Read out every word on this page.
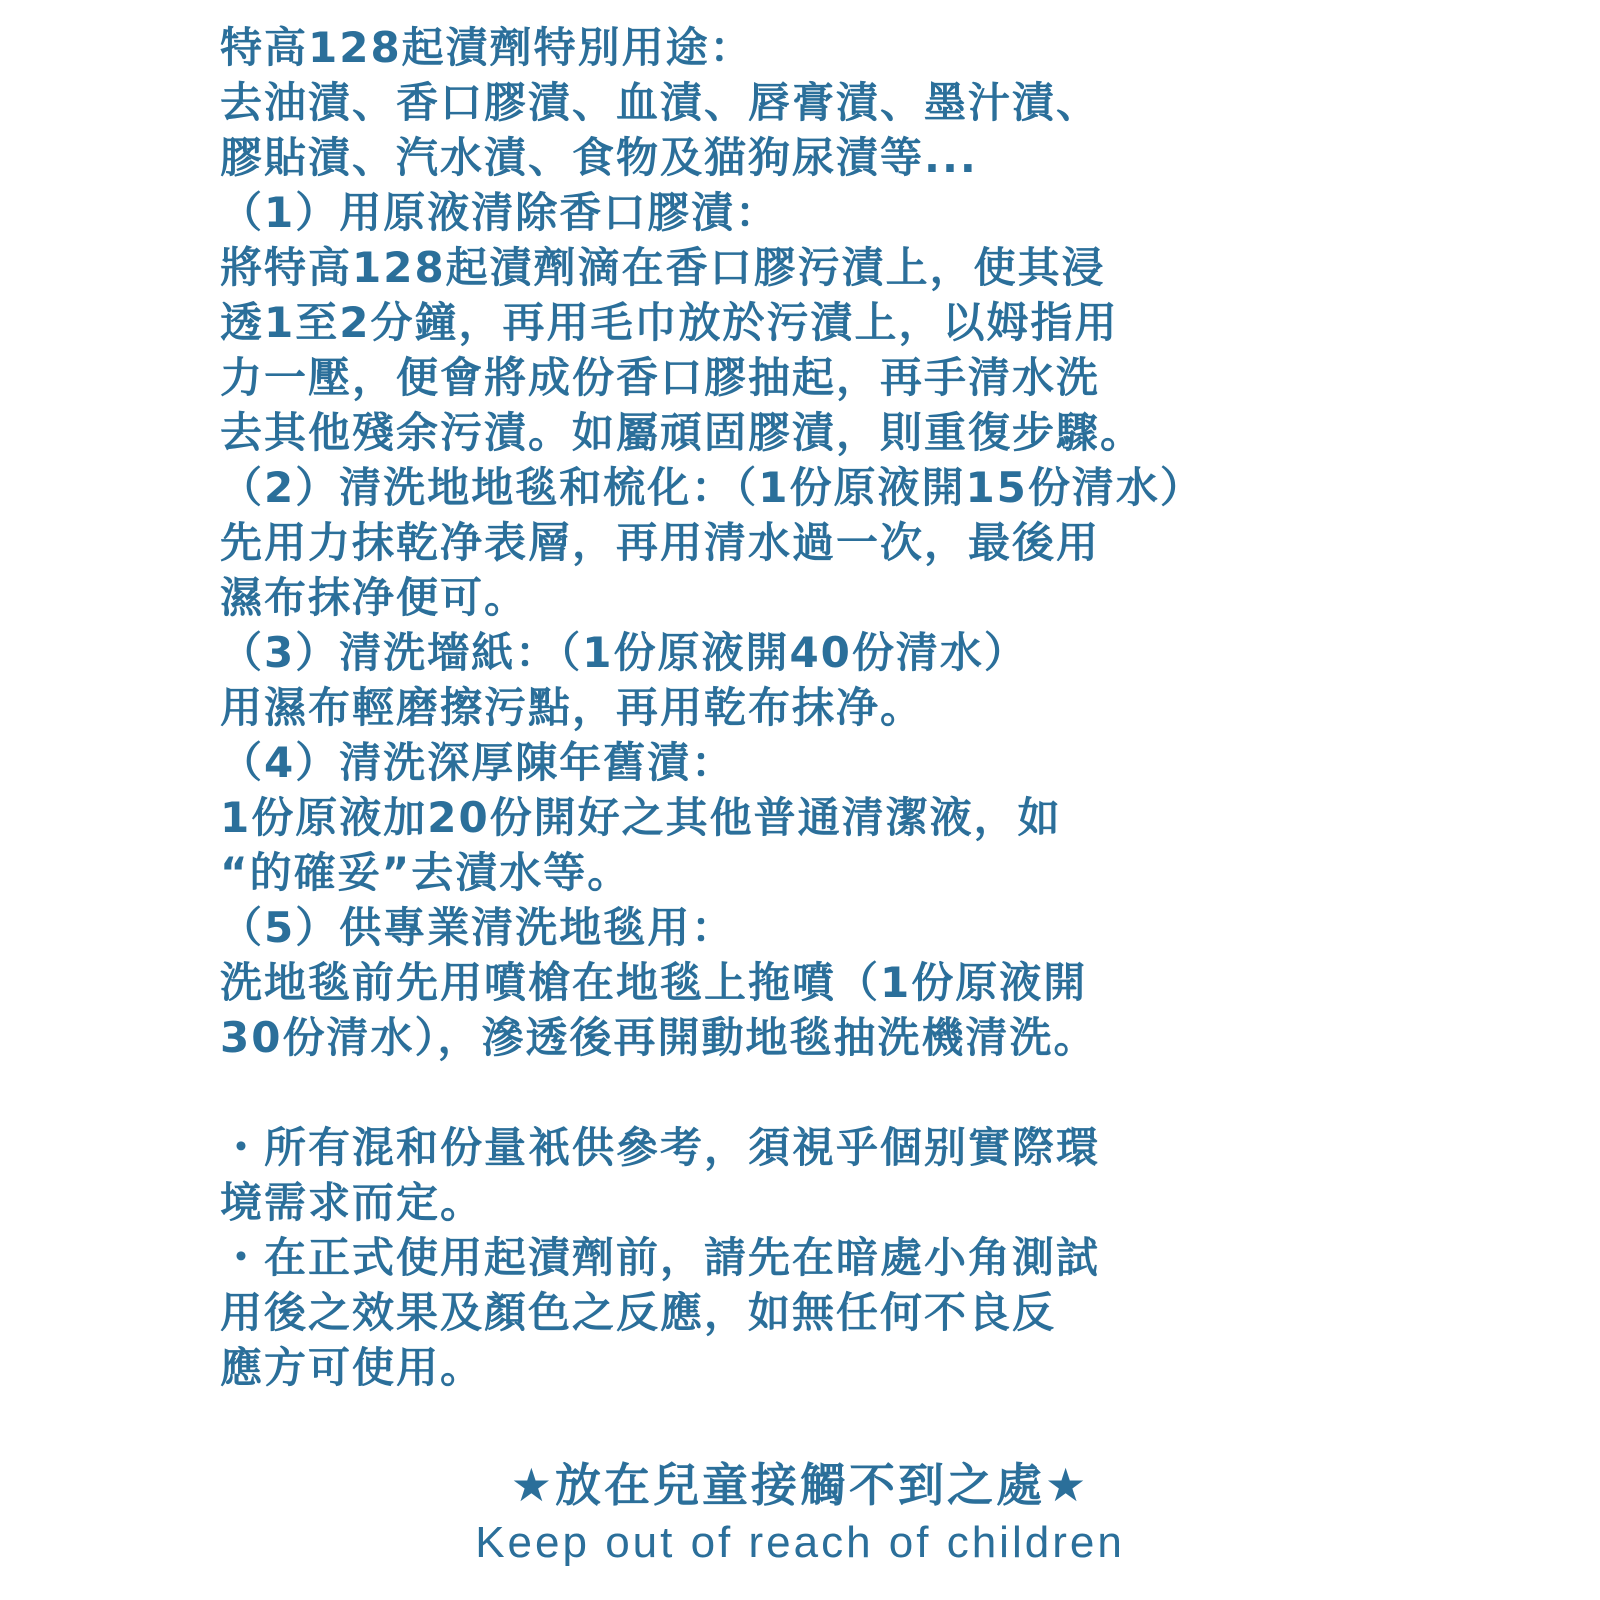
特高128起漬劑特別用途：
去油漬、香口膠漬、血漬、唇膏漬、墨汁漬、
膠貼漬、汽水漬、食物及猫狗尿漬等...
（1）用原液清除香口膠漬：
將特高128起漬劑滴在香口膠污漬上，使其浸
透1至2分鐘，再用毛巾放於污漬上，以姆指用
力一壓，便會將成份香口膠抽起，再手清水洗
去其他殘余污漬。如屬頑固膠漬，則重復步驟。
（2）清洗地地毯和梳化：（1份原液開15份清水）
先用力抹乾净表層，再用清水過一次，最後用
濕布抹净便可。
（3）清洗墻紙：（1份原液開40份清水）
用濕布輕磨擦污點，再用乾布抹净。
（4）清洗深厚陳年舊漬：
1份原液加20份開好之其他普通清潔液，如
“的確妥”去漬水等。
（5）供專業清洗地毯用：
洗地毯前先用噴槍在地毯上拖噴（1份原液開
30份清水），滲透後再開動地毯抽洗機清洗。
・所有混和份量衹供參考，須視乎個别實際環
境需求而定。
・在正式使用起漬劑前，請先在暗處小角測試
用後之效果及顏色之反應，如無任何不良反
應方可使用。
★放在兒童接觸不到之處★
Keep out of reach of children
